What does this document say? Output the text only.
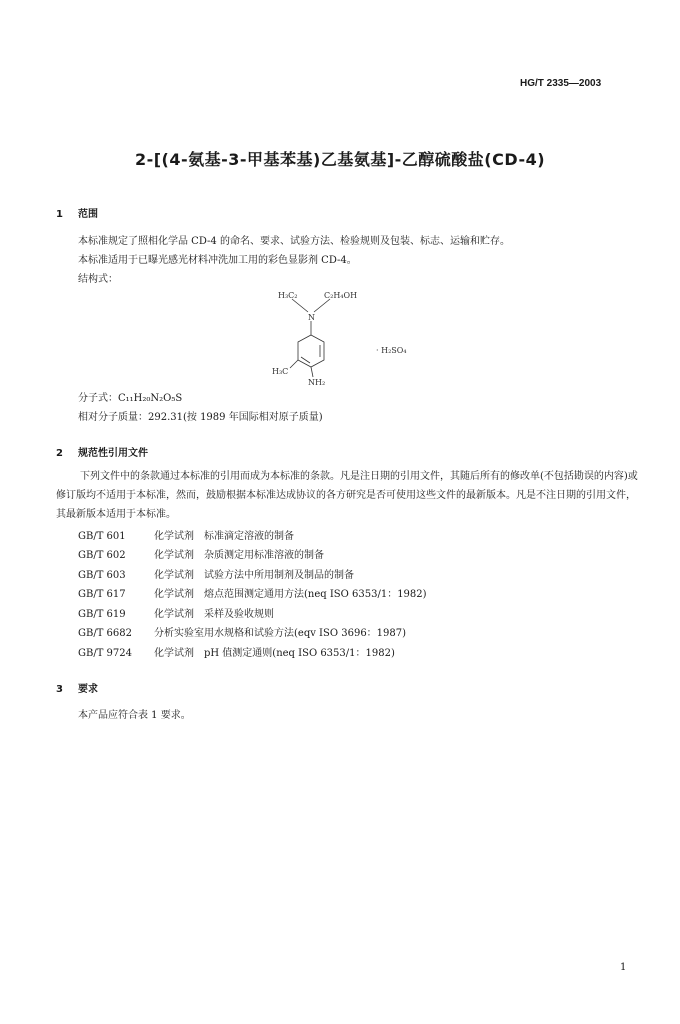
HG/T 2335—2003
2-[(4-氨基-3-甲基苯基)乙基氨基]-乙醇硫酸盐(CD-4)
1 范围
本标准规定了照相化学品 CD-4 的命名、要求、试验方法、检验规则及包装、标志、运输和贮存。
本标准适用于已曝光感光材料冲洗加工用的彩色显影剂 CD-4。
结构式：
H₃C₂	C₂H₄OH
N
H₃C
NH₂
· H₂SO₄
分子式：C₁₁H₂₀N₂O₅S
相对分子质量：292.31(按 1989 年国际相对原子质量)
2 规范性引用文件
下列文件中的条款通过本标准的引用而成为本标准的条款。凡是注日期的引用文件，其随后所有的修改单(不包括勘误的内容)或修订版均不适用于本标准，然而，鼓励根据本标准达成协议的各方研究是否可使用这些文件的最新版本。凡是不注日期的引用文件，其最新版本适用于本标准。
GB/T 601	化学试剂　标准滴定溶液的制备
GB/T 602	化学试剂　杂质测定用标准溶液的制备
GB/T 603	化学试剂　试验方法中所用制剂及制品的制备
GB/T 617	化学试剂　熔点范围测定通用方法(neq ISO 6353/1：1982)
GB/T 619	化学试剂　采样及验收规则
GB/T 6682 分析实验室用水规格和试验方法(eqv ISO 3696：1987)
GB/T 9724 化学试剂　pH 值测定通则(neq ISO 6353/1：1982)
3 要求
本产品应符合表 1 要求。
1
